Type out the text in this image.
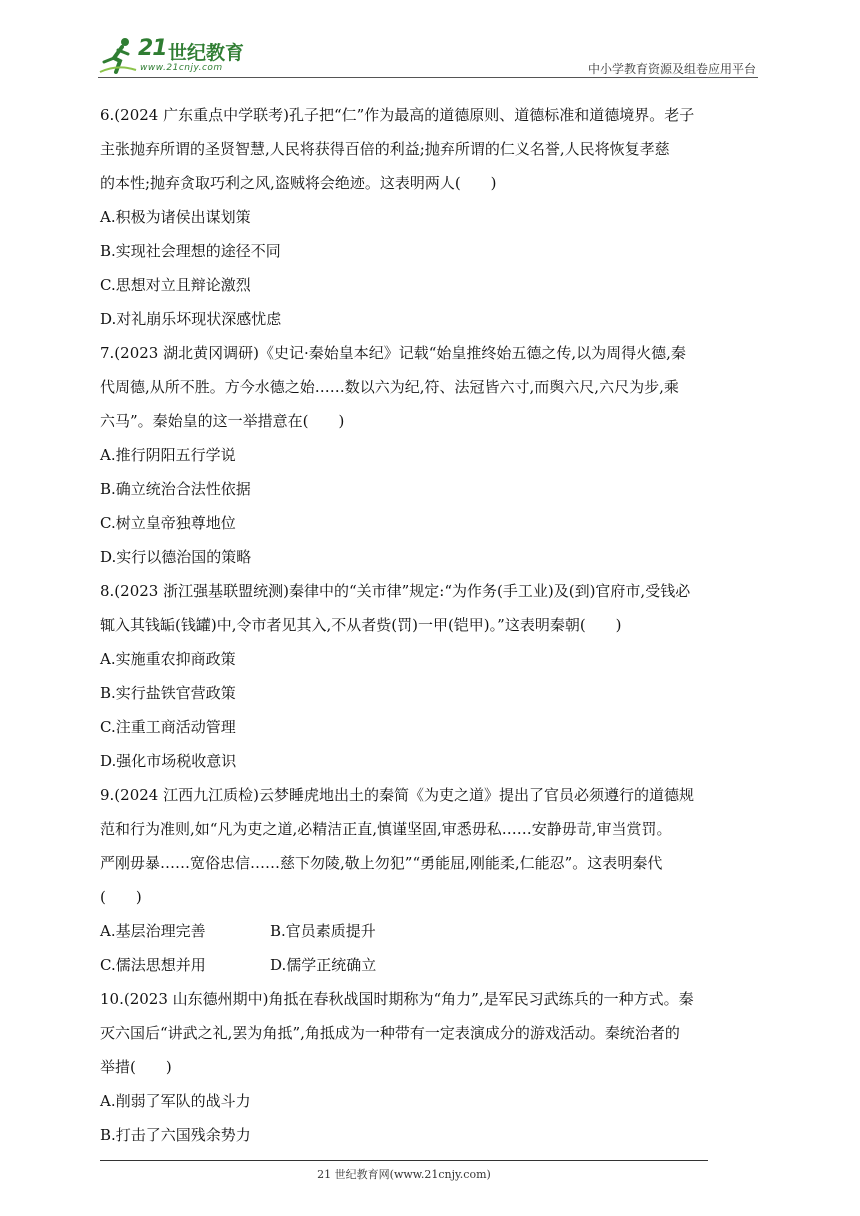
21 世纪教育
www.21cnjy.com	中小学教育资源及组卷应用平台
6.(2024 广东重点中学联考)孔子把“仁”作为最高的道德原则、道德标准和道德境界。老子
主张抛弃所谓的圣贤智慧,人民将获得百倍的利益;抛弃所谓的仁义名誉,人民将恢复孝慈
的本性;抛弃贪取巧利之风,盗贼将会绝迹。这表明两人(　　)
A.积极为诸侯出谋划策
B.实现社会理想的途径不同
C.思想对立且辩论激烈
D.对礼崩乐坏现状深感忧虑
7.(2023 湖北黄冈调研)《史记·秦始皇本纪》记载“始皇推终始五德之传,以为周得火德,秦
代周德,从所不胜。方今水德之始……数以六为纪,符、法冠皆六寸,而舆六尺,六尺为步,乘
六马”。秦始皇的这一举措意在(　　)
A.推行阴阳五行学说
B.确立统治合法性依据
C.树立皇帝独尊地位
D.实行以德治国的策略
8.(2023 浙江强基联盟统测)秦律中的“关市律”规定:“为作务(手工业)及(到)官府市,受钱必
辄入其钱缿(钱罐)中,令市者见其入,不从者赀(罚)一甲(铠甲)。”这表明秦朝(　　)
A.实施重农抑商政策
B.实行盐铁官营政策
C.注重工商活动管理
D.强化市场税收意识
9.(2024 江西九江质检)云梦睡虎地出土的秦简《为吏之道》提出了官员必须遵行的道德规
范和行为准则,如“凡为吏之道,必精洁正直,慎谨坚固,审悉毋私……安静毋苛,审当赏罚。
严刚毋暴……宽俗忠信……慈下勿陵,敬上勿犯”“勇能屈,刚能柔,仁能忍”。这表明秦代
(　　)
A.基层治理完善	B.官员素质提升
C.儒法思想并用	D.儒学正统确立
10.(2023 山东德州期中)角抵在春秋战国时期称为“角力”,是军民习武练兵的一种方式。秦
灭六国后“讲武之礼,罢为角抵”,角抵成为一种带有一定表演成分的游戏活动。秦统治者的
举措(　　)
A.削弱了军队的战斗力
B.打击了六国残余势力
21 世纪教育网(www.21cnjy.com)
